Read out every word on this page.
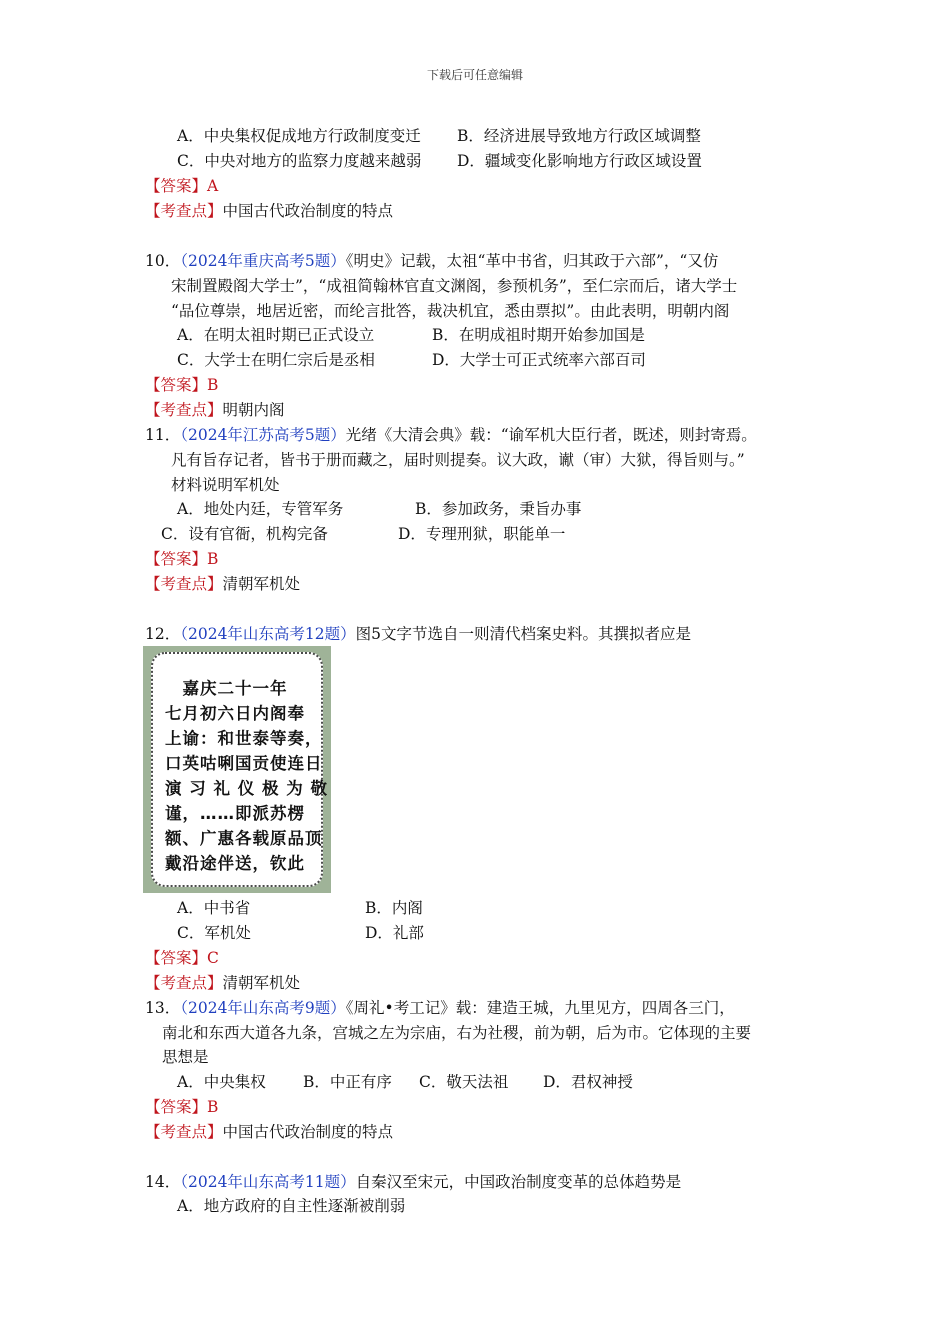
下载后可任意编辑
A．中央集权促成地方行政制度变迁 B．经济进展导致地方行政区域调整
C．中央对地方的监察力度越来越弱 D．疆域变化影响地方行政区域设置
【答案】A
【考查点】中国古代政治制度的特点
10．（2024年重庆高考5题）《明史》记载，太祖“革中书省，归其政于六部”，“又仿
宋制置殿阁大学士”，“成祖简翰林官直文渊阁，参预机务”，至仁宗而后，诸大学士
“品位尊崇，地居近密，而纶言批答，裁决机宜，悉由票拟”。由此表明，明朝内阁
A．在明太祖时期已正式设立	B．在明成祖时期开始参加国是
C．大学士在明仁宗后是丞相	D．大学士可正式统率六部百司
【答案】B
【考查点】明朝内阁
11．（2024年江苏高考5题）光绪《大清会典》载：“谕军机大臣行者，既述，则封寄焉。
凡有旨存记者，皆书于册而藏之，届时则提奏。议大政，谳（审）大狱，得旨则与。”
材料说明军机处
A．地处内廷，专管军务	B．参加政务，秉旨办事
C．设有官衙，机构完备	D．专理刑狱，职能单一
【答案】B
【考查点】清朝军机处
12．（2024年山东高考12题）图5文字节选自一则清代档案史料。其撰拟者应是
　嘉庆二十一年
七月初六日内阁奉
上谕：和世泰等奏，
口英咕唎国贡使连日
演 习 礼 仪 极 为 敬
谨，……即派苏楞
额、广惠各载原品顶
戴沿途伴送，钦此
A．中书省	B．内阁
C．军机处	D．礼部
【答案】C
【考查点】清朝军机处
13．（2024年山东高考9题）《周礼•考工记》载：建造王城，九里见方，四周各三门，
南北和东西大道各九条，宫城之左为宗庙，右为社稷，前为朝，后为市。它体现的主要
思想是
A．中央集权 B．中正有序 C．敬天法祖 D．君权神授
【答案】B
【考查点】中国古代政治制度的特点
14．（2024年山东高考11题）自秦汉至宋元，中国政治制度变革的总体趋势是
A．地方政府的自主性逐渐被削弱
